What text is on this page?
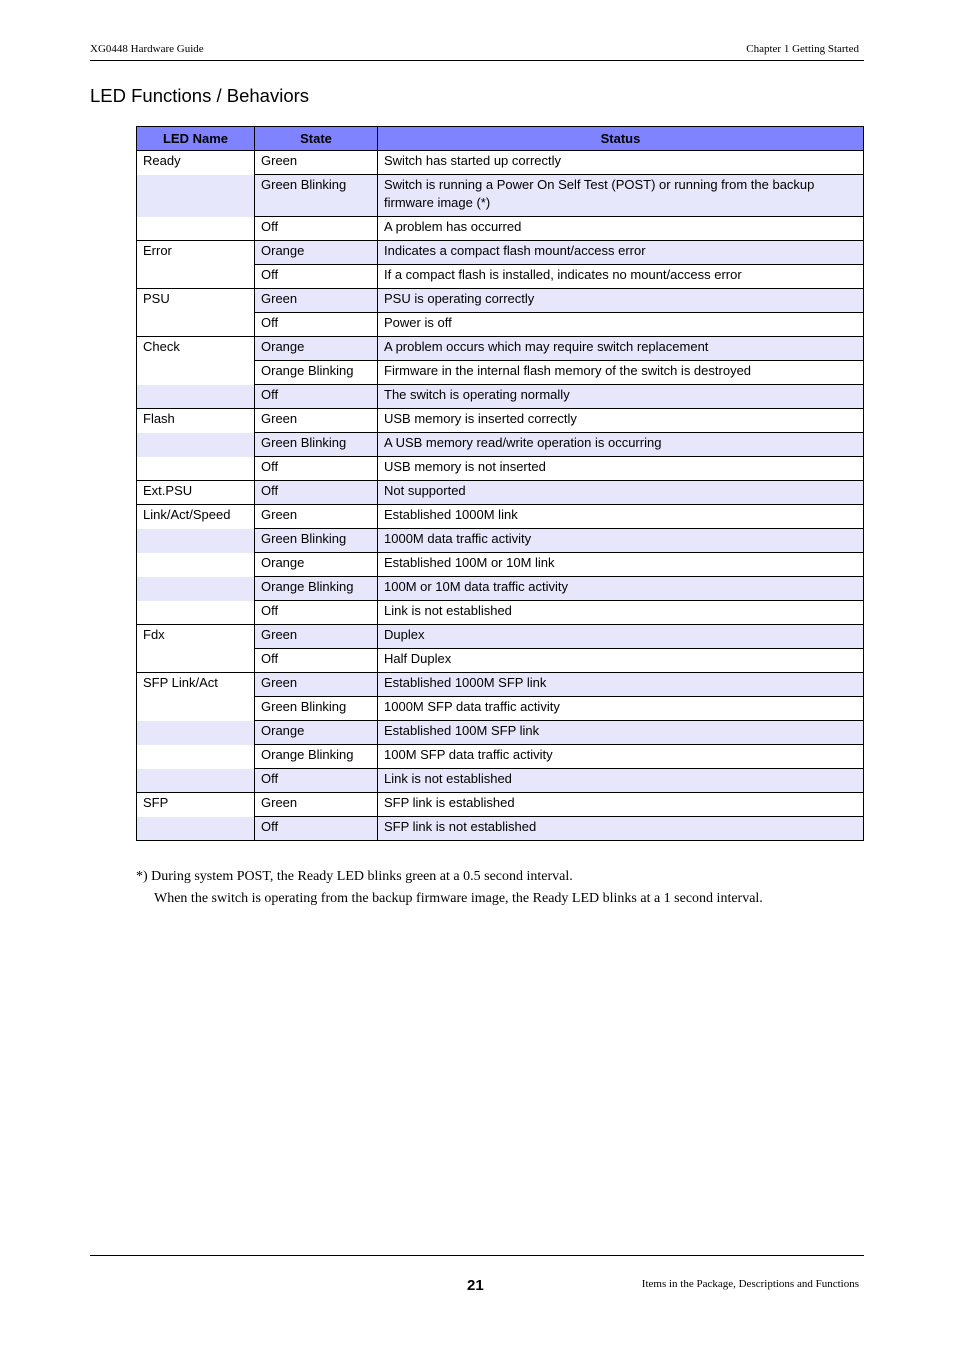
XG0448 Hardware Guide	Chapter 1 Getting Started
LED Functions / Behaviors
LED Name	State	Status
Ready	Green	Switch has started up correctly
	Green Blinking	Switch is running a Power On Self Test (POST) or running from the backup firmware image (*)
	Off	A problem has occurred
Error	Orange	Indicates a compact flash mount/access error
	Off	If a compact flash is installed, indicates no mount/access error
PSU	Green	PSU is operating correctly
	Off	Power is off
Check	Orange	A problem occurs which may require switch replacement
	Orange Blinking	Firmware in the internal flash memory of the switch is destroyed
	Off	The switch is operating normally
Flash	Green	USB memory is inserted correctly
	Green Blinking	A USB memory read/write operation is occurring
	Off	USB memory is not inserted
Ext.PSU	Off	Not supported
Link/Act/Speed	Green	Established 1000M link
	Green Blinking	1000M data traffic activity
	Orange	Established 100M or 10M link
	Orange Blinking	100M or 10M data traffic activity
	Off	Link is not established
Fdx	Green	Duplex
	Off	Half Duplex
SFP Link/Act	Green	Established 1000M SFP link
	Green Blinking	1000M SFP data traffic activity
	Orange	Established 100M SFP link
	Orange Blinking	100M SFP data traffic activity
	Off	Link is not established
SFP	Green	SFP link is established
	Off	SFP link is not established
*) During system POST, the Ready LED blinks green at a 0.5 second interval.
When the switch is operating from the backup firmware image, the Ready LED blinks at a 1 second interval.
21	Items in the Package, Descriptions and Functions
